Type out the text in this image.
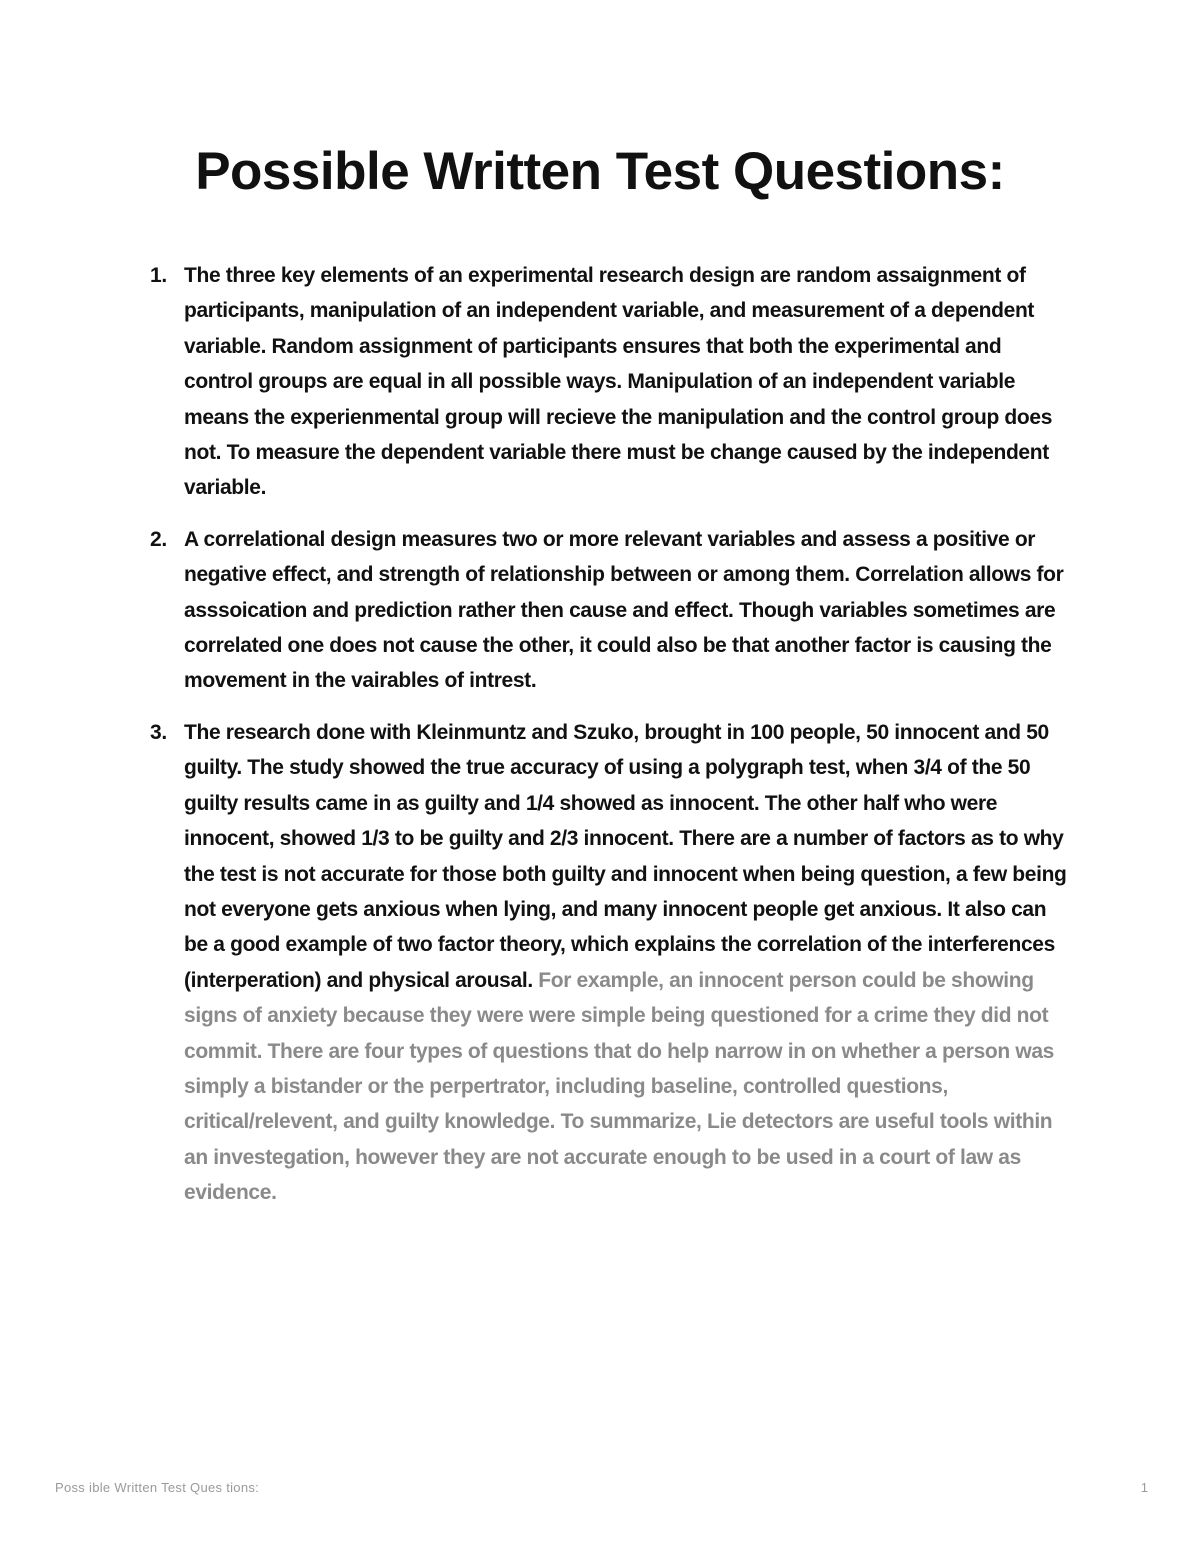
Possible Written Test Questions:
1. The three key elements of an experimental research design are random assaignment of participants, manipulation of an independent variable, and measurement of a dependent variable. Random assignment of participants ensures that both the experimental and control groups are equal in all possible ways. Manipulation of an independent variable means the experienmental group will recieve the manipulation and the control group does not. To measure the dependent variable there must be change caused by the independent variable.
2. A correlational design measures two or more relevant variables and assess a positive or negative effect, and strength of relationship between or among them. Correlation allows for asssoication and prediction rather then cause and effect. Though variables sometimes are correlated one does not cause the other, it could also be that another factor is causing the movement in the vairables of intrest.
3. The research done with Kleinmuntz and Szuko, brought in 100 people, 50 innocent and 50 guilty. The study showed the true accuracy of using a polygraph test, when 3/4 of the 50 guilty results came in as guilty and 1/4 showed as innocent. The other half who were innocent, showed 1/3 to be guilty and 2/3 innocent. There are a number of factors as to why the test is not accurate for those both guilty and innocent when being question, a few being not everyone gets anxious when lying, and many innocent people get anxious. It also can be a good example of two factor theory, which explains the correlation of the interferences (interperation) and physical arousal. For example, an innocent person could be showing signs of anxiety because they were were simple being questioned for a crime they did not commit. There are four types of questions that do help narrow in on whether a person was simply a bistander or the perpertrator, including baseline, controlled questions, critical/relevent, and guilty knowledge. To summarize, Lie detectors are useful tools within an investegation, however they are not accurate enough to be used in a court of law as evidence.
Poss ible Written Test Ques tions:	1
